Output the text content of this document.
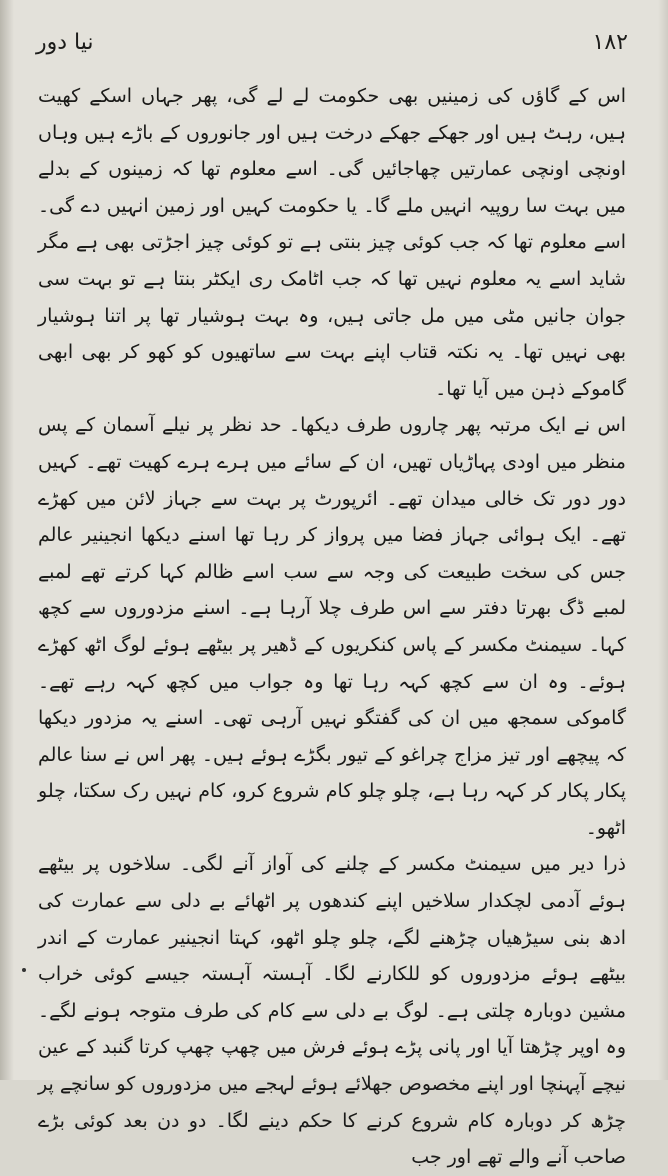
نیا دور	۱۸۲

اس کے گاؤں کی زمینیں بھی حکومت لے لے گی، پھر جہاں اسکے کھیت ہیں، رہٹ ہیں اور جھکے جھکے درخت ہیں اور جانوروں کے باڑے ہیں وہاں اونچی اونچی عمارتیں چھاجائیں گی۔ اسے معلوم تھا کہ زمینوں کے بدلے میں بہت سا روپیہ انہیں ملے گا۔ یا حکومت کہیں اور زمین انہیں دے گی۔ اسے معلوم تھا کہ جب کوئی چیز بنتی ہے تو کوئی چیز اجڑتی بھی ہے مگر شاید اسے یہ معلوم نہیں تھا کہ جب اٹامک ری ایکٹر بنتا ہے تو بہت سی جوان جانیں مٹی میں مل جاتی ہیں، وہ بہت ہوشیار تھا پر اتنا ہوشیار بھی نہیں تھا۔ یہ نکتہ قتاب اپنے بہت سے ساتھیوں کو کھو کر بھی ابھی گاموکے ذہن میں آیا تھا۔

اس نے ایک مرتبہ پھر چاروں طرف دیکھا۔ حد نظر پر نیلے آسمان کے پس منظر میں اودی پہاڑیاں تھیں، ان کے سائے میں ہرے ہرے کھیت تھے۔ کہیں دور دور تک خالی میدان تھے۔ ائرپورٹ پر بہت سے جہاز لائن میں کھڑے تھے۔ ایک ہوائی جہاز فضا میں پرواز کر رہا تھا اسنے دیکھا انجینیر عالم جس کی سخت طبیعت کی وجہ سے سب اسے ظالم کہا کرتے تھے لمبے لمبے ڈگ بھرتا دفتر سے اس طرف چلا آرہا ہے۔ اسنے مزدوروں سے کچھ کہا۔ سیمنٹ مکسر کے پاس کنکریوں کے ڈھیر پر بیٹھے ہوئے لوگ اٹھ کھڑے ہوئے۔ وہ ان سے کچھ کہہ رہا تھا وہ جواب میں کچھ کہہ رہے تھے۔ گاموکی سمجھ میں ان کی گفتگو نہیں آرہی تھی۔ اسنے یہ مزدور دیکھا کہ پیچھے اور تیز مزاج چراغو کے تیور بگڑے ہوئے ہیں۔ پھر اس نے سنا عالم پکار پکار کر کہہ رہا ہے، چلو چلو کام شروع کرو، کام نہیں رک سکتا، چلو اٹھو۔

ذرا دیر میں سیمنٹ مکسر کے چلنے کی آواز آنے لگی۔ سلاخوں پر بیٹھے ہوئے آدمی لچکدار سلاخیں اپنے کندھوں پر اٹھائے بے دلی سے عمارت کی ادھ بنی سیڑھیاں چڑھنے لگے، چلو چلو اٹھو، کہتا انجینیر عمارت کے اندر بیٹھے ہوئے مزدوروں کو للکارنے لگا۔ آہستہ آہستہ جیسے کوئی خراب مشین دوبارہ چلتی ہے۔ لوگ بے دلی سے کام کی طرف متوجہ ہونے لگے۔ وہ اوپر چڑھتا آیا اور پانی پڑے ہوئے فرش میں چھپ چھپ کرتا گنبد کے عین نیچے آپہنچا اور اپنے مخصوص جھلائے ہوئے لہجے میں مزدوروں کو سانچے پر چڑھ کر دوبارہ کام شروع کرنے کا حکم دینے لگا۔ دو دن بعد کوئی بڑے صاحب آنے والے تھے اور جب
